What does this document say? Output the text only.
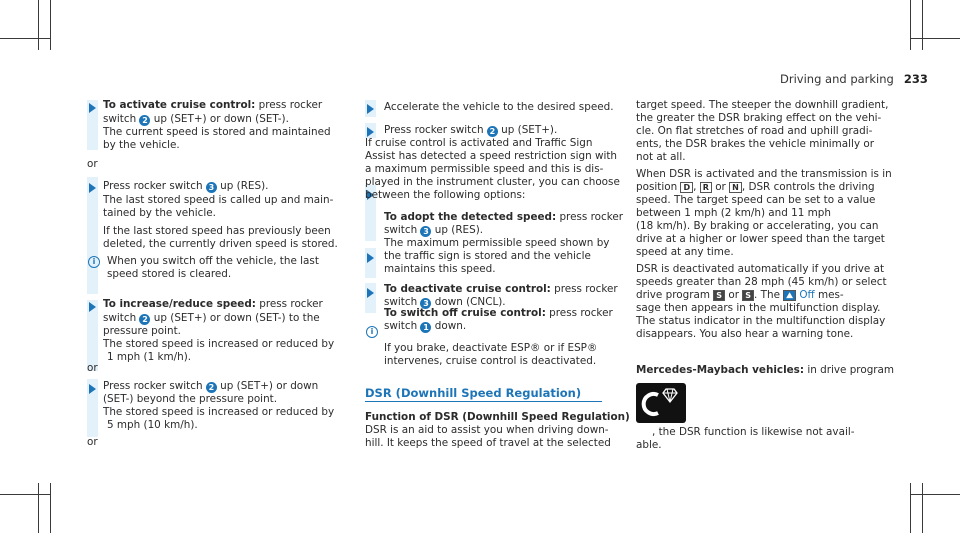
Driving and parking 233
To activate cruise control: press rocker
switch 2 up (SET+) or down (SET-).
The current speed is stored and maintained
by the vehicle.
or
Press rocker switch 3 up (RES).
The last stored speed is called up and main-
tained by the vehicle.
If the last stored speed has previously been
deleted, the currently driven speed is stored.
When you switch off the vehicle, the last
speed stored is cleared.
i
To increase/reduce speed: press rocker
switch 2 up (SET+) or down (SET-) to the
pressure point.
The stored speed is increased or reduced by
1 mph (1 km/h).
or
Press rocker switch 2 up (SET+) or down
(SET-) beyond the pressure point.
The stored speed is increased or reduced by
5 mph (10 km/h).
or
i
Accelerate the vehicle to the desired speed.
Press rocker switch 2 up (SET+).
If cruise control is activated and Traffic Sign
Assist has detected a speed restriction sign with
a maximum permissible speed and this is dis-
played in the instrument cluster, you can choose
between the following options:
To adopt the detected speed: press rocker
switch 3 up (RES).
The maximum permissible speed shown by
the traffic sign is stored and the vehicle
maintains this speed.
To deactivate cruise control: press rocker
switch 3 down (CNCL).
To switch off cruise control: press rocker
switch 1 down.
If you brake, deactivate ESP® or if ESP®
intervenes, cruise control is deactivated.
Function of DSR (Downhill Speed Regulation)
DSR is an aid to assist you when driving down-
hill. It keeps the speed of travel at the selected
DSR (Downhill Speed Regulation)
target speed. The steeper the downhill gradient,
the greater the DSR braking effect on the vehi-
cle. On flat stretches of road and uphill gradi-
ents, the DSR brakes the vehicle minimally or
not at all.
When DSR is activated and the transmission is in
position D , R or N , DSR controls the driving
speed. The target speed can be set to a value
between 1 mph (2 km/h) and 11 mph
(18 km/h). By braking or accelerating, you can
drive at a higher or lower speed than the target
speed at any time.
DSR is deactivated automatically if you drive at
speeds greater than 28 mph (45 km/h) or select
drive program S or S . The ⛰ Off mes-
sage then appears in the multifunction display.
The status indicator in the multifunction display
disappears. You also hear a warning tone.
Mercedes-Maybach vehicles: in drive program
, the DSR function is likewise not avail-
able.
